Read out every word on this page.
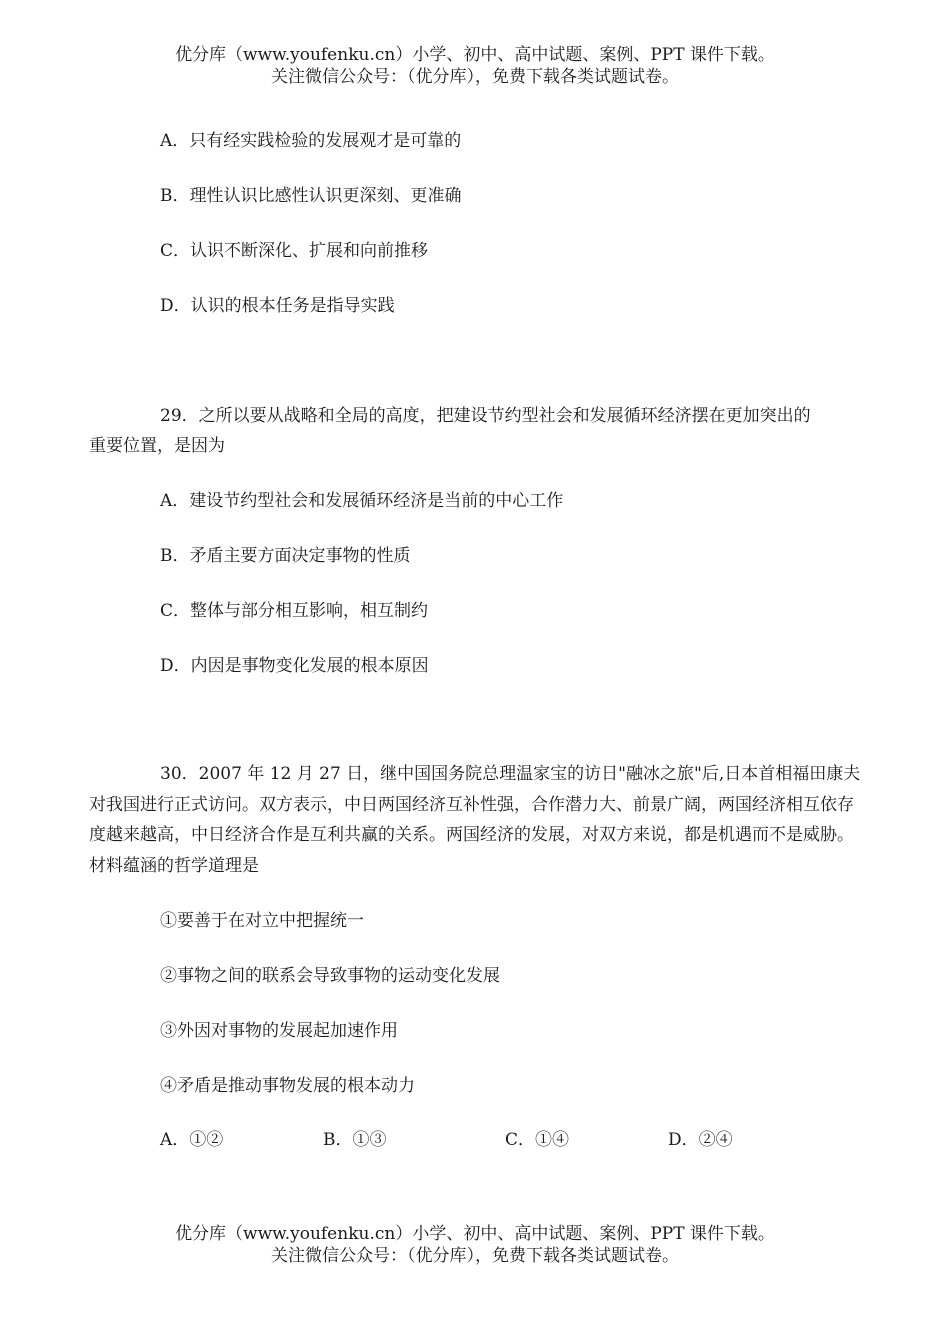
优分库（www.youfenku.cn）小学、初中、高中试题、案例、PPT 课件下载。
关注微信公众号：（优分库），免费下载各类试题试卷。
A．只有经实践检验的发展观才是可靠的
B．理性认识比感性认识更深刻、更准确
C．认识不断深化、扩展和向前推移
D．认识的根本任务是指导实践
29．之所以要从战略和全局的高度，把建设节约型社会和发展循环经济摆在更加突出的
重要位置，是因为
A．建设节约型社会和发展循环经济是当前的中心工作
B．矛盾主要方面决定事物的性质
C．整体与部分相互影响，相互制约
D．内因是事物变化发展的根本原因
30．2007 年 12 月 27 日，继中国国务院总理温家宝的访日"融冰之旅"后,日本首相福田康夫对我国进行正式访问。双方表示，中日两国经济互补性强，合作潜力大、前景广阔，两国经济相互依存度越来越高，中日经济合作是互利共赢的关系。两国经济的发展，对双方来说，都是机遇而不是威胁。材料蕴涵的哲学道理是
①要善于在对立中把握统一
②事物之间的联系会导致事物的运动变化发展
③外因对事物的发展起加速作用
④矛盾是推动事物发展的根本动力
A．①②	B．①③	C．①④	D．②④
优分库（www.youfenku.cn）小学、初中、高中试题、案例、PPT 课件下载。
关注微信公众号：（优分库），免费下载各类试题试卷。
